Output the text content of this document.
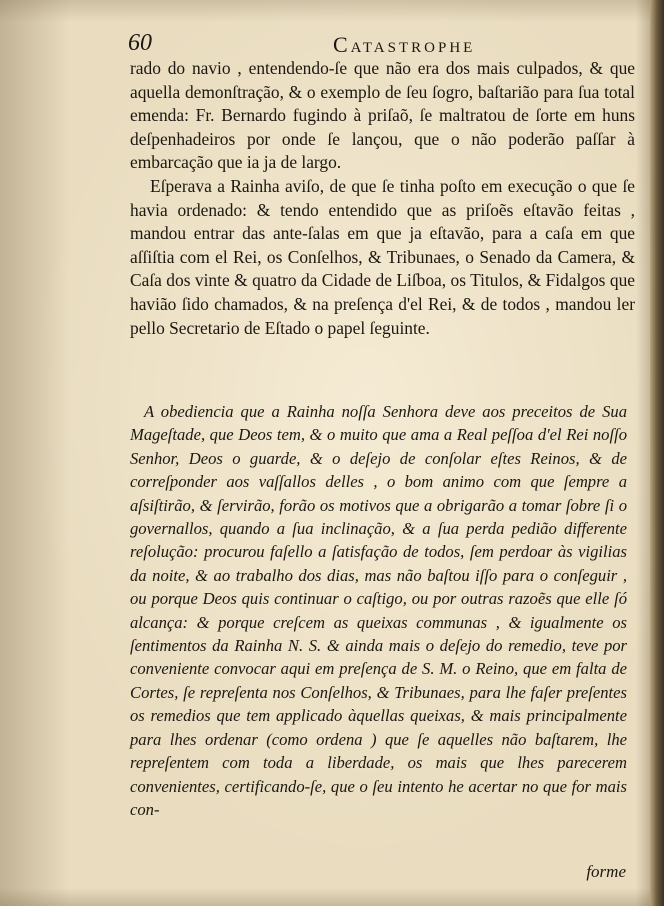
60	Catastrophe

rado do navio , entendendo-ſe que não era dos mais culpados, & que aquella demonſtração, & o exemplo de ſeu ſogro, baſtarião para ſua total emenda: Fr. Bernardo fugindo à priſaõ, ſe maltratou de ſorte em huns deſpenhadeiros por onde ſe lançou, que o não poderão paſſar à embarcação que ia ja de largo.

Eſperava a Rainha aviſo, de que ſe tinha poſto em execução o que ſe havia ordenado: & tendo entendido que as priſoẽs eſtavão feitas , mandou entrar das ante-ſalas em que ja eſtavão, para a caſa em que aſſiſtia com el Rei, os Conſelhos, & Tribunaes, o Senado da Camera, & Caſa dos vinte & quatro da Cidade de Liſboa, os Titulos, & Fidalgos que havião ſido chamados, & na preſença d'el Rei, & de todos , mandou ler pello Secretario de Eſtado o papel ſeguinte.

A obediencia que a Rainha noſſa Senhora deve aos preceitos de Sua Mageſtade, que Deos tem, & o muito que ama a Real peſſoa d'el Rei noſſo Senhor, Deos o guarde, & o deſejo de conſolar eſtes Reinos, & de correſponder aos vaſſallos delles , o bom animo com que ſempre a aſsiſtirão, & ſervirão, forão os motivos que a obrigarão a tomar ſobre ſi o governallos, quando a ſua inclinação, & a ſua perda pedião differente reſolução: procurou faſello a ſatisfação de todos, ſem perdoar às vigilias da noite, & ao trabalho dos dias, mas não baſtou iſſo para o conſeguir , ou porque Deos quis continuar o caſtigo, ou por outras razoẽs que elle ſó alcança: & porque creſcem as queixas communas , & igualmente os ſentimentos da Rainha N. S. & ainda mais o deſejo do remedio, teve por conveniente convocar aqui em preſença de S. M. o Reino, que em falta de Cortes, ſe repreſenta nos Conſelhos, & Tribunaes, para lhe faſer preſentes os remedios que tem applicado àquellas queixas, & mais principalmente para lhes ordenar (como ordena ) que ſe aquelles não baſtarem, lhe repreſentem com toda a liberdade, os mais que lhes parecerem convenientes, certificando-ſe, que o ſeu intento he acertar no que for mais con-

forme
